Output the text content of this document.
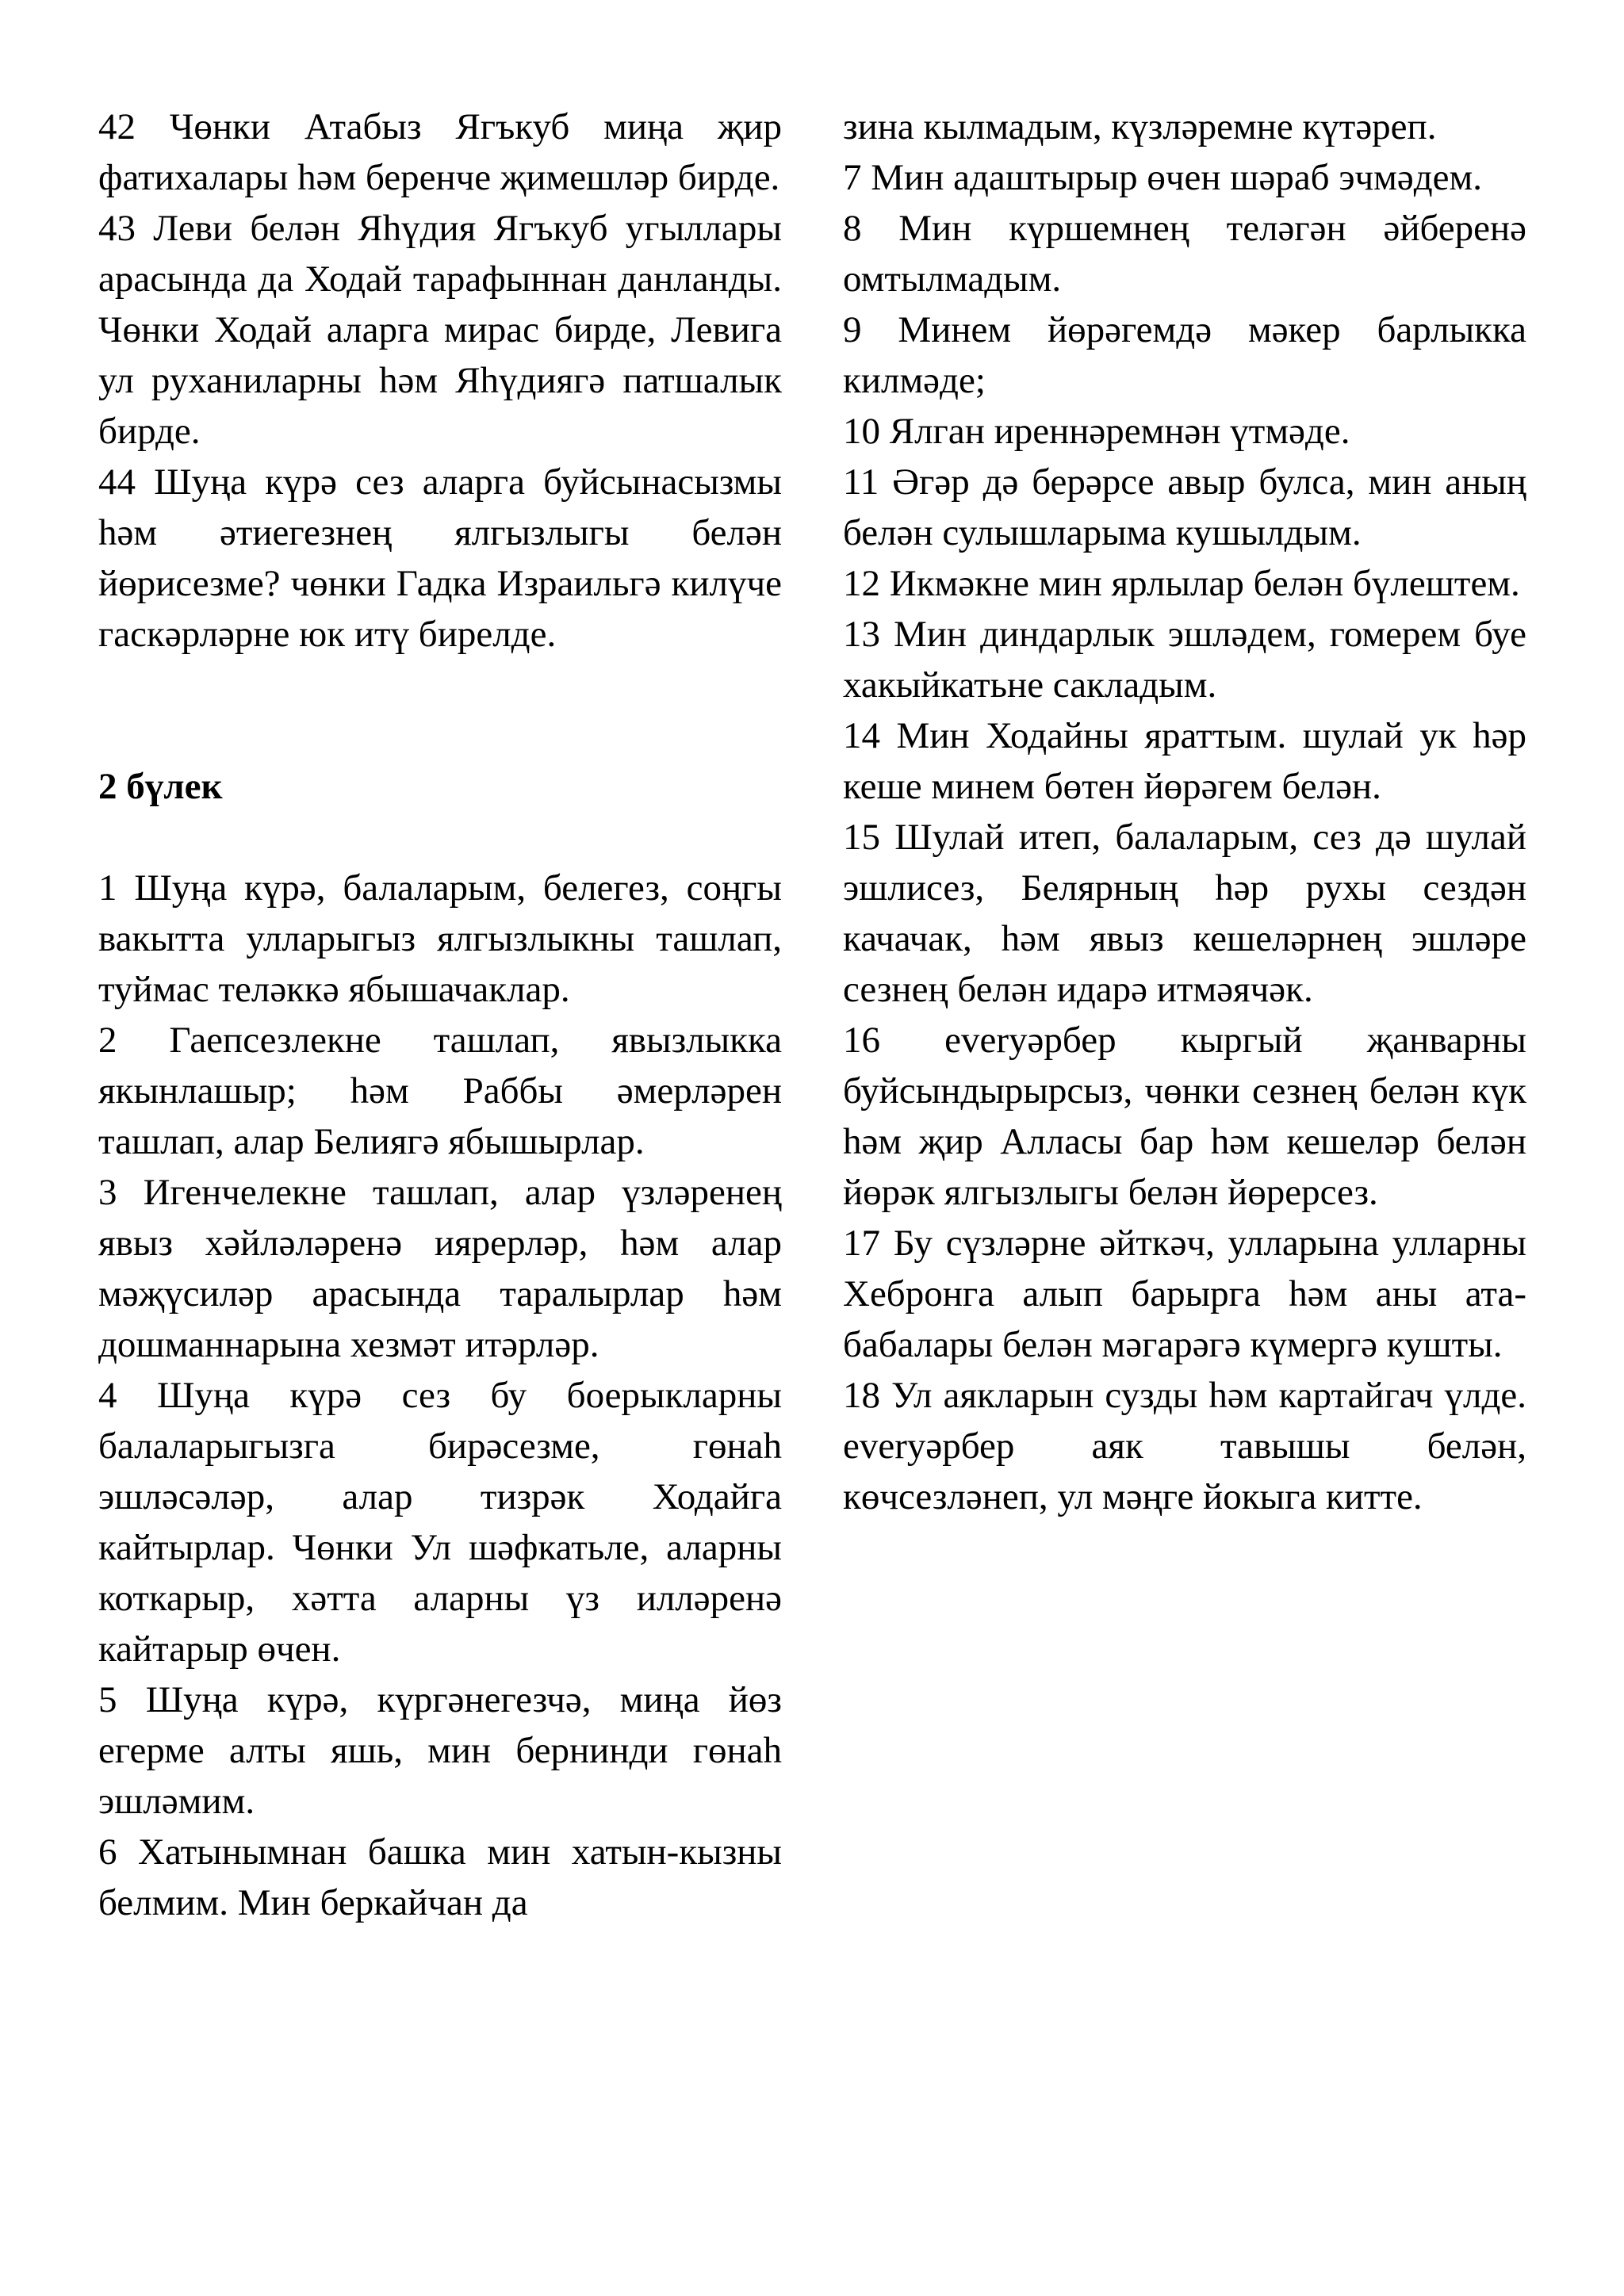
42 Чөнки Атабыз Ягъкуб миңа җир фатихалары һәм беренче җимешләр бирде.

43 Леви белән Яһүдия Ягъкуб угыллары арасында да Ходай тарафыннан данланды. Чөнки Ходай аларга мирас бирде, Левига ул руханиларны һәм Яһүдиягә патшалык бирде.

44 Шуңа күрә сез аларга буйсынасызмы һәм әтиегезнең ялгызлыгы белән йөрисезме? чөнки Гадка Израильгә килүче гаскәрләрне юк итү бирелде.

2 бүлек

1 Шуңа күрә, балаларым, белегез, соңгы вакытта улларыгыз ялгызлыкны ташлап, туймас теләккә ябышачаклар.

2 Гаепсезлекне ташлап, явызлыкка якынлашыр; һәм Раббы әмерләрен ташлап, алар Белиягә ябышырлар.

3 Игенчелекне ташлап, алар үзләренең явыз хәйләләренә иярерләр, һәм алар мәҗүсиләр арасында таралырлар һәм дошманнарына хезмәт итәрләр.

4 Шуңа күрә сез бу боерыкларны балаларыгызга бирәсезме, гөнаһ эшләсәләр, алар тизрәк Ходайга кайтырлар. Чөнки Ул шәфкатьле, аларны коткарыр, хәтта аларны үз илләренә кайтарыр өчен.

5 Шуңа күрә, күргәнегезчә, миңа йөз егерме алты яшь, мин бернинди гөнаһ эшләмим.

6 Хатынымнан башка мин хатын-кызны белмим. Мин беркайчан да

зина кылмадым, күзләремне күтәреп.

7 Мин адаштырыр өчен шәраб эчмәдем.

8 Мин күршемнең теләгән әйберенә омтылмадым.

9 Минем йөрәгемдә мәкер барлыкка килмәде;

10 Ялган иреннәремнән үтмәде.

11 Әгәр дә берәрсе авыр булса, мин аның белән сулышларыма кушылдым.

12 Икмәкне мин ярлылар белән бүлештем.

13 Мин диндарлык эшләдем, гомерем буе хакыйкатьне сакладым.

14 Мин Ходайны яраттым. шулай ук һәр кеше минем бөтен йөрәгем белән.

15 Шулай итеп, балаларым, сез дә шулай эшлисез, Белярның һәр рухы сездән качачак, һәм явыз кешеләрнең эшләре сезнең белән идарә итмәячәк.

16 everyәрбер кыргый җанварны буйсындырырсыз, чөнки сезнең белән күк һәм җир Алласы бар һәм кешеләр белән йөрәк ялгызлыгы белән йөрерсез.

17 Бу сүзләрне әйткәч, улларына улларны Хебронга алып барырга һәм аны ата-бабалары белән мәгарәгә күмергә кушты.

18 Ул аякларын сузды һәм картайгач үлде. everyәрбер аяк тавышы белән, көчсезләнеп, ул мәңге йокыга китте.
